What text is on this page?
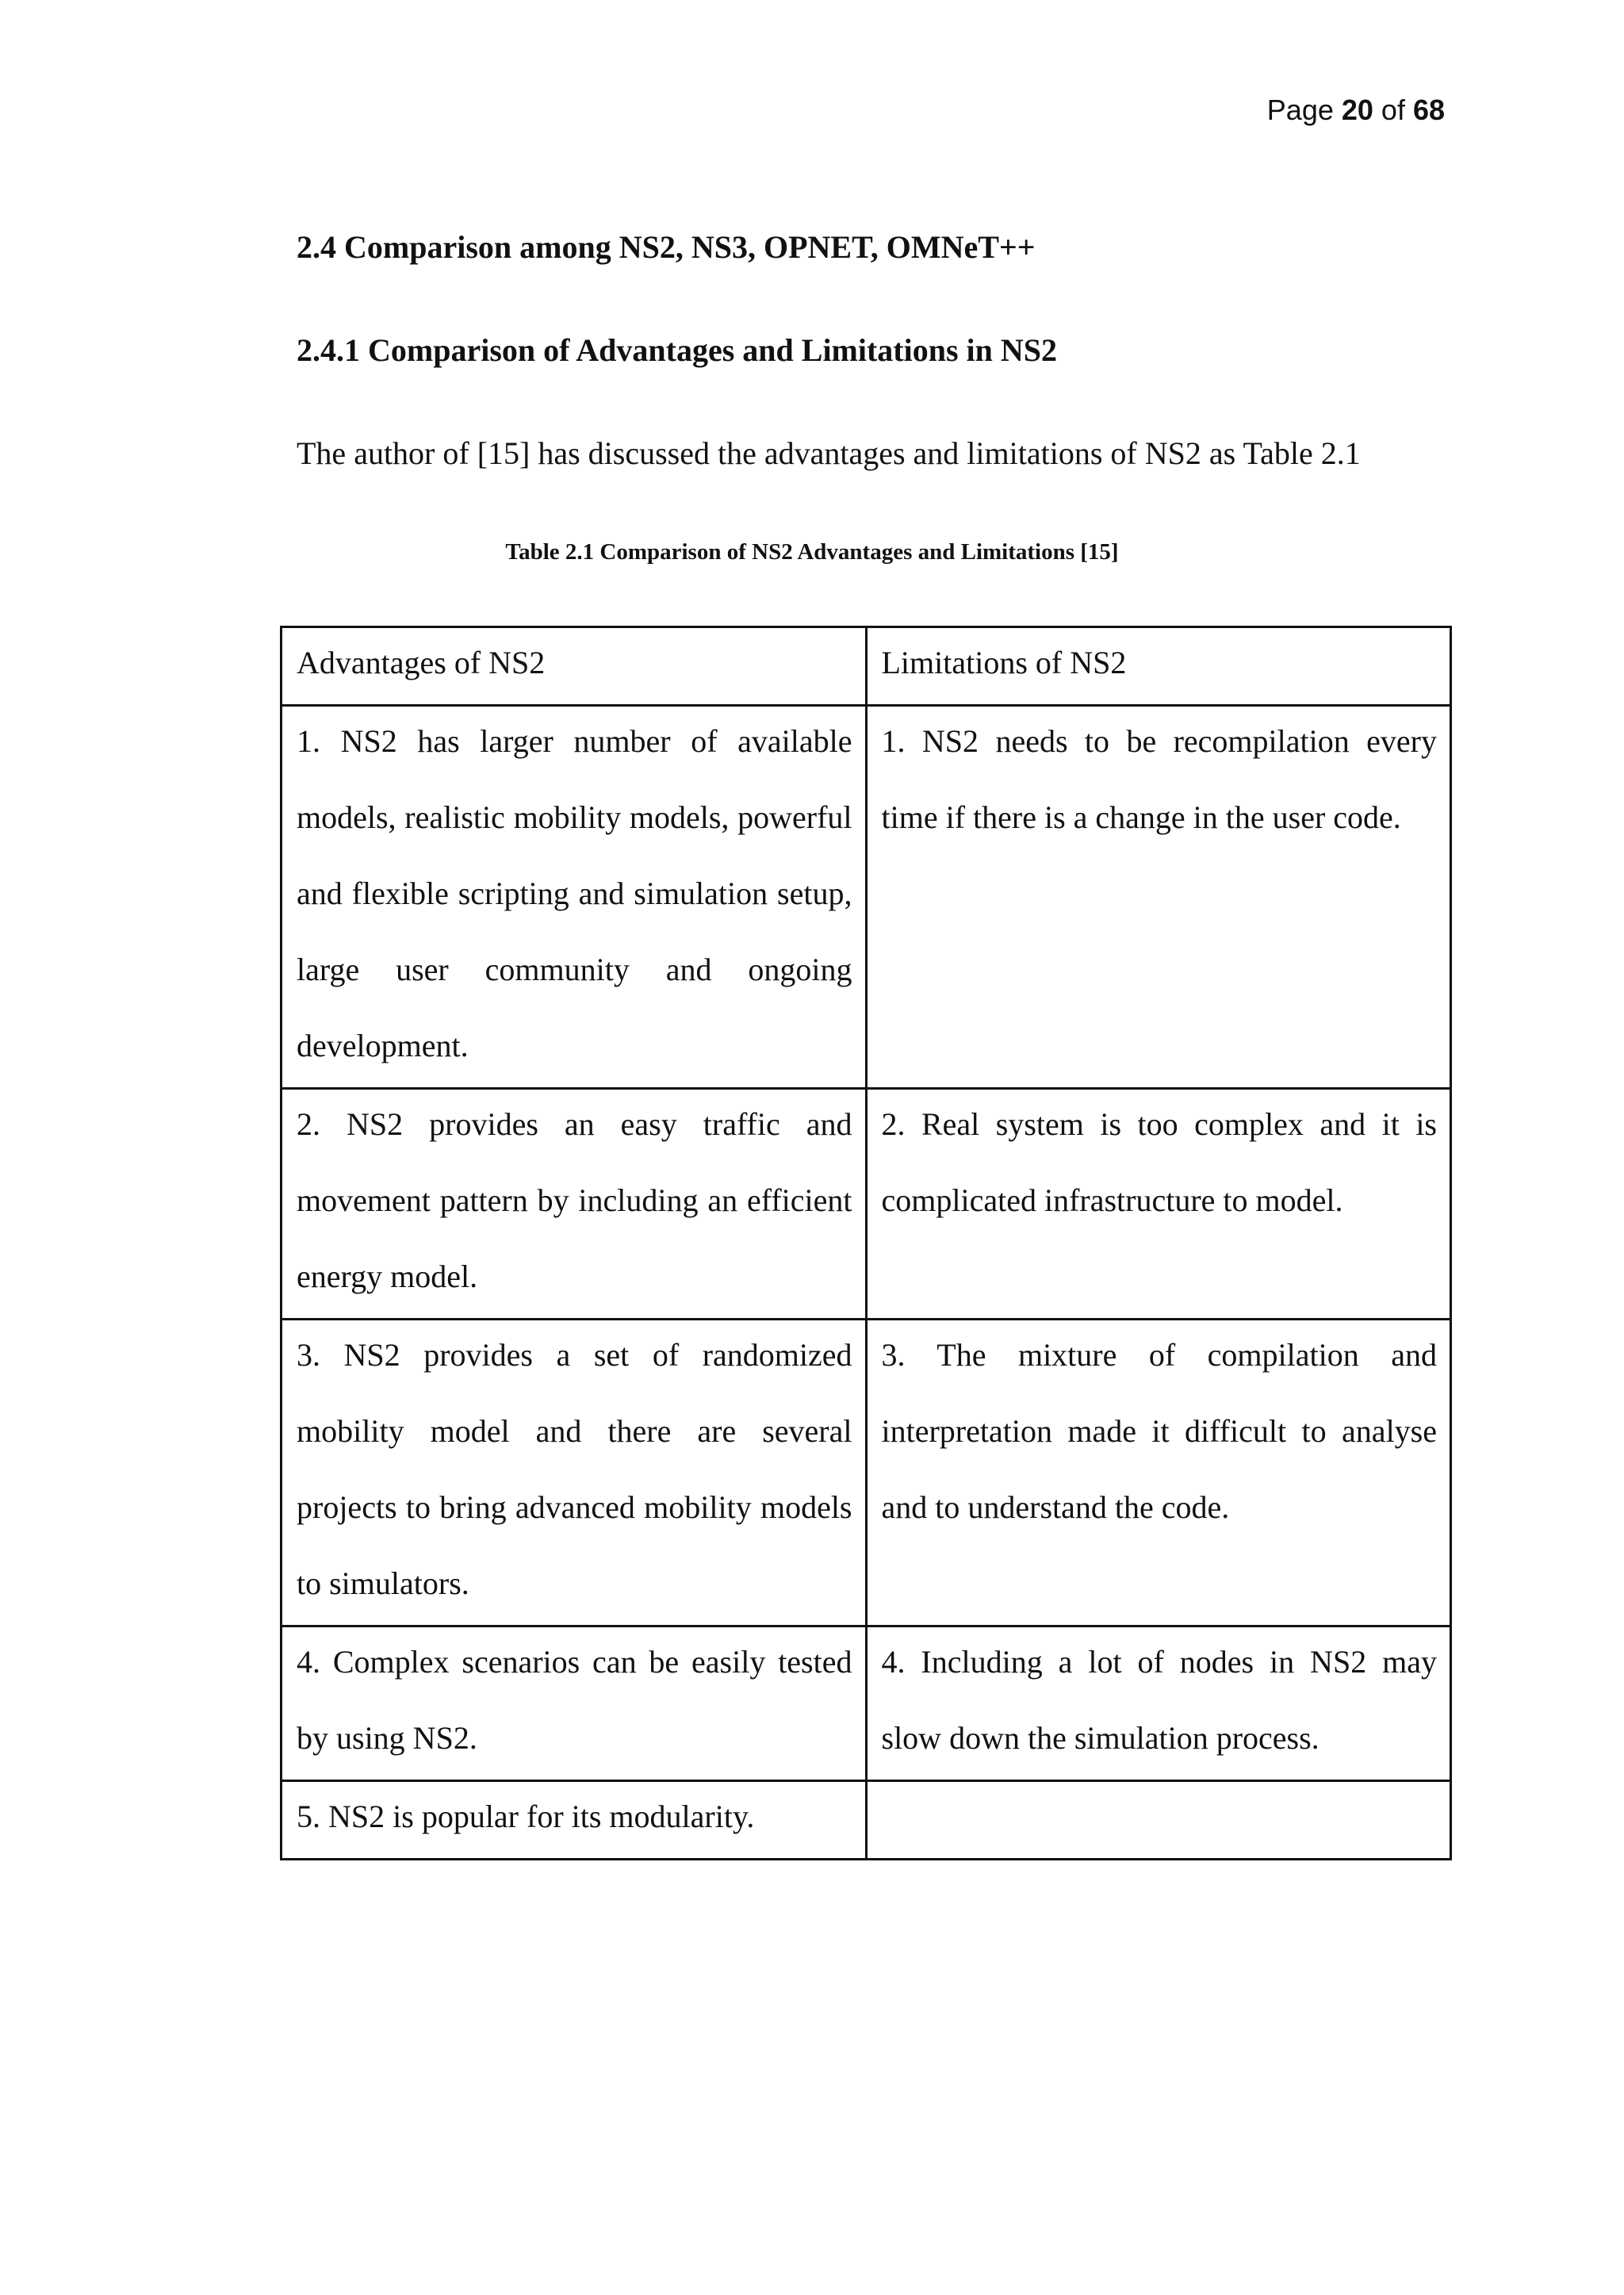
Page 20 of 68
2.4 Comparison among NS2, NS3, OPNET, OMNeT++
2.4.1 Comparison of Advantages and Limitations in NS2

The author of [15] has discussed the advantages and limitations of NS2 as Table 2.1

Table 2.1 Comparison of NS2 Advantages and Limitations [15]

Advantages of NS2	Limitations of NS2

1. NS2 has larger number of available models, realistic mobility models, powerful and flexible scripting and simulation setup, large user community and ongoing development.	1. NS2 needs to be recompilation every time if there is a change in the user code.

2. NS2 provides an easy traffic and movement pattern by including an efficient energy model.	2. Real system is too complex and it is complicated infrastructure to model.

3. NS2 provides a set of randomized mobility model and there are several projects to bring advanced mobility models to simulators.	3. The mixture of compilation and interpretation made it difficult to analyse and to understand the code.

4. Complex scenarios can be easily tested by using NS2.	4. Including a lot of nodes in NS2 may slow down the simulation process.

5. NS2 is popular for its modularity.	
